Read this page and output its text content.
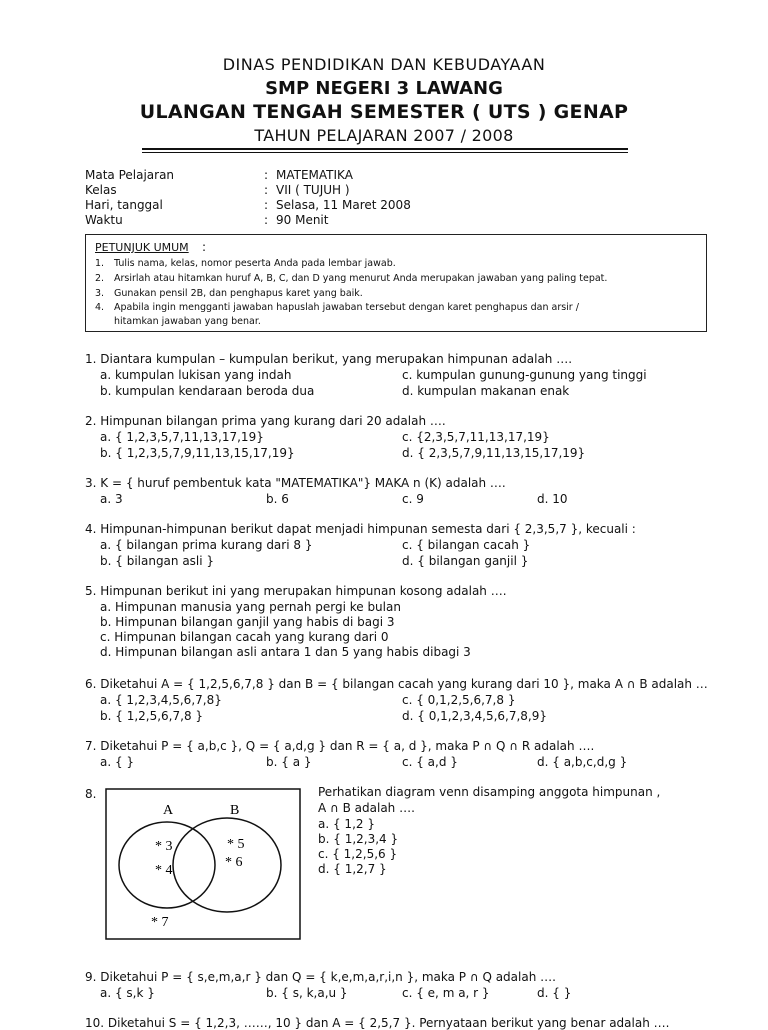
DINAS PENDIDIKAN DAN KEBUDAYAAN
SMP NEGERI 3 LAWANG
ULANGAN TENGAH SEMESTER ( UTS ) GENAP
TAHUN PELAJARAN 2007 / 2008
Mata Pelajaran	: MATEMATIKA
Kelas	: VII ( TUJUH )
Hari, tanggal	: Selasa, 11 Maret 2008
Waktu	: 90 Menit
PETUNJUK UMUM :
1. Tulis nama, kelas, nomor peserta Anda pada lembar jawab.
2. Arsirlah atau hitamkan huruf A, B, C, dan D yang menurut Anda merupakan jawaban yang paling tepat.
3. Gunakan pensil 2B, dan penghapus karet yang baik.
4. Apabila ingin mengganti jawaban hapuslah jawaban tersebut dengan karet penghapus dan arsir /
hitamkan jawaban yang benar.
1. Diantara kumpulan – kumpulan berikut, yang merupakan himpunan adalah ….
a. kumpulan lukisan yang indah	c. kumpulan gunung-gunung yang tinggi
b. kumpulan kendaraan beroda dua	d. kumpulan makanan enak
2. Himpunan bilangan prima yang kurang dari 20 adalah ….
a. { 1,2,3,5,7,11,13,17,19}	c. {2,3,5,7,11,13,17,19}
b. { 1,2,3,5,7,9,11,13,15,17,19}	d. { 2,3,5,7,9,11,13,15,17,19}
3. K = { huruf pembentuk kata "MATEMATIKA"} MAKA n (K) adalah ….
a. 3	b. 6	c. 9	d. 10
4. Himpunan-himpunan berikut dapat menjadi himpunan semesta dari { 2,3,5,7 }, kecuali :
a. { bilangan prima kurang dari 8 }	c. { bilangan cacah }
b. { bilangan asli }	d. { bilangan ganjil }
5. Himpunan berikut ini yang merupakan himpunan kosong adalah ….
a. Himpunan manusia yang pernah pergi ke bulan
b. Himpunan bilangan ganjil yang habis di bagi 3
c. Himpunan bilangan cacah yang kurang dari 0
d. Himpunan bilangan asli antara 1 dan 5 yang habis dibagi 3
6. Diketahui A = { 1,2,5,6,7,8 } dan B = { bilangan cacah yang kurang dari 10 }, maka A ∩ B adalah …
a. { 1,2,3,4,5,6,7,8}	c. { 0,1,2,5,6,7,8 }
b. { 1,2,5,6,7,8 }	d. { 0,1,2,3,4,5,6,7,8,9}
7. Diketahui P = { a,b,c }, Q = { a,d,g } dan R = { a, d }, maka P ∩ Q ∩ R adalah ….
a. { }	b. { a }	c. { a,d }	d. { a,b,c,d,g }
8.	Perhatikan diagram venn disamping anggota himpunan ,
A ∩ B adalah ….
a. { 1,2 }
b. { 1,2,3,4 }
c. { 1,2,5,6 }
d. { 1,2,7 }
9. Diketahui P = { s,e,m,a,r } dan Q = { k,e,m,a,r,i,n }, maka P ∩ Q adalah ….
a. { s,k }	b. { s, k,a,u }	c. { e, m a, r }	d. { }
10. Diketahui S = { 1,2,3, ……, 10 } dan A = { 2,5,7 }. Pernyataan berikut yang benar adalah ….
A	B
* 3
* 4
* 5
* 6
* 7
